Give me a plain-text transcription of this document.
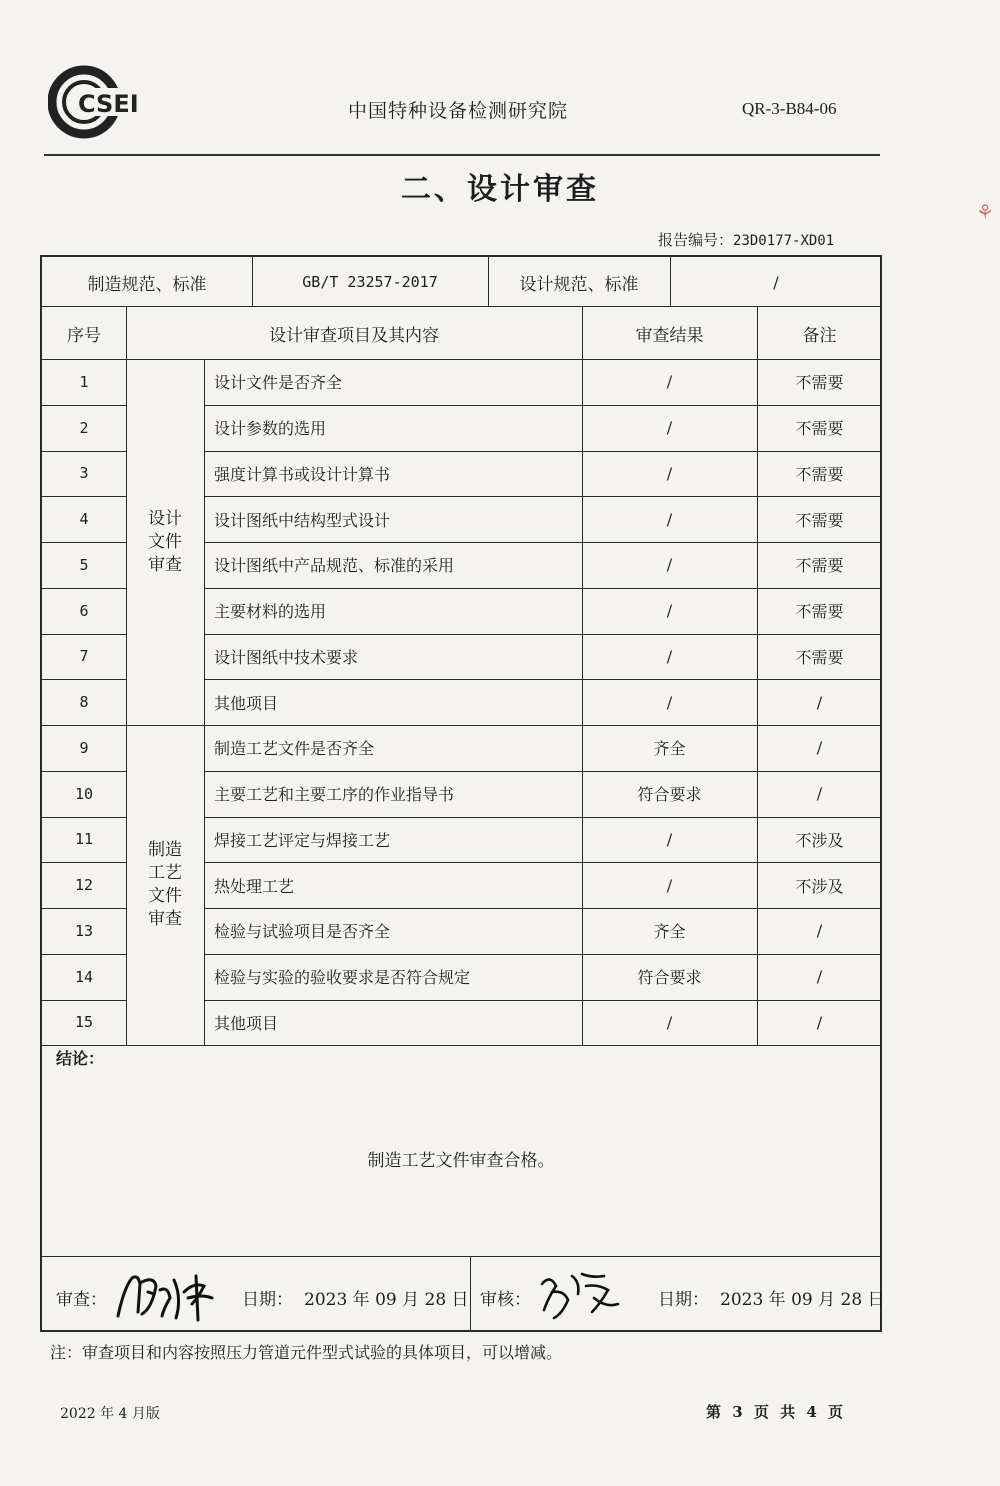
CSEI	中国特种设备检测研究院	QR-3-B84-06
二、设计审查
报告编号：23D0177-XD01
⚘
制造规范、标准	GB/T 23257-2017	设计规范、标准	/
序号	设计审查项目及其内容	审查结果	备注
设计文件审查
制造工艺文件审查
1	设计文件是否齐全	/	不需要
2	设计参数的选用	/	不需要
3	强度计算书或设计计算书	/	不需要
4	设计图纸中结构型式设计	/	不需要
5	设计图纸中产品规范、标准的采用	/	不需要
6	主要材料的选用	/	不需要
7	设计图纸中技术要求	/	不需要
8	其他项目	/	/
9	制造工艺文件是否齐全	齐全	/
10	主要工艺和主要工序的作业指导书	符合要求	/
11	焊接工艺评定与焊接工艺	/	不涉及
12	热处理工艺	/	不涉及
13	检验与试验项目是否齐全	齐全	/
14	检验与实验的验收要求是否符合规定	符合要求	/
15	其他项目	/	/
结论：
制造工艺文件审查合格。
审查：	日期： 2023 年 09 月 28 日 审核：	日期： 2023 年 09 月 28 日
注：审查项目和内容按照压力管道元件型式试验的具体项目，可以增减。
2022 年 4 月版	第 3 页 共 4 页
